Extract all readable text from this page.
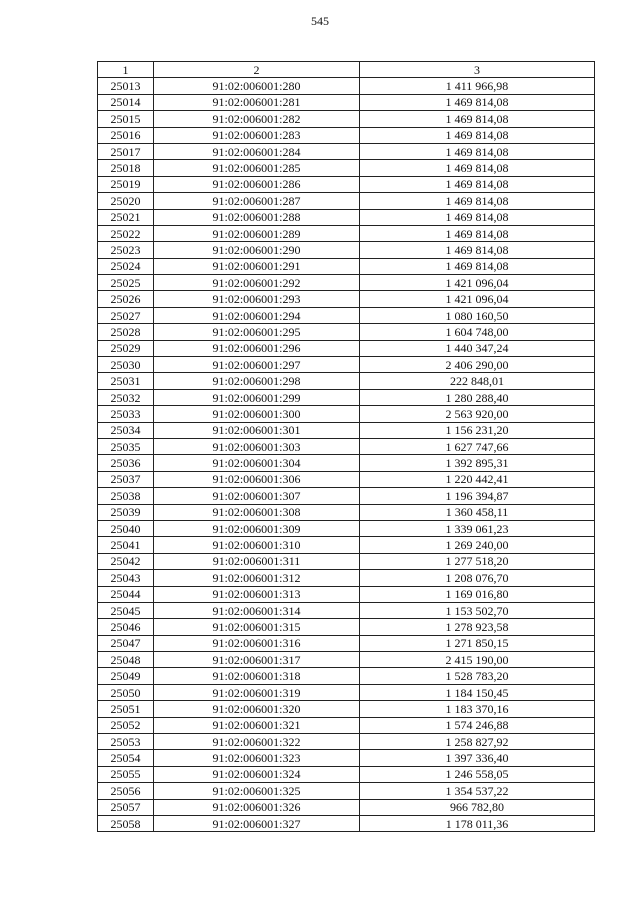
545
1	2	3
25013	91:02:006001:280	1 411 966,98
25014	91:02:006001:281	1 469 814,08
25015	91:02:006001:282	1 469 814,08
25016	91:02:006001:283	1 469 814,08
25017	91:02:006001:284	1 469 814,08
25018	91:02:006001:285	1 469 814,08
25019	91:02:006001:286	1 469 814,08
25020	91:02:006001:287	1 469 814,08
25021	91:02:006001:288	1 469 814,08
25022	91:02:006001:289	1 469 814,08
25023	91:02:006001:290	1 469 814,08
25024	91:02:006001:291	1 469 814,08
25025	91:02:006001:292	1 421 096,04
25026	91:02:006001:293	1 421 096,04
25027	91:02:006001:294	1 080 160,50
25028	91:02:006001:295	1 604 748,00
25029	91:02:006001:296	1 440 347,24
25030	91:02:006001:297	2 406 290,00
25031	91:02:006001:298	222 848,01
25032	91:02:006001:299	1 280 288,40
25033	91:02:006001:300	2 563 920,00
25034	91:02:006001:301	1 156 231,20
25035	91:02:006001:303	1 627 747,66
25036	91:02:006001:304	1 392 895,31
25037	91:02:006001:306	1 220 442,41
25038	91:02:006001:307	1 196 394,87
25039	91:02:006001:308	1 360 458,11
25040	91:02:006001:309	1 339 061,23
25041	91:02:006001:310	1 269 240,00
25042	91:02:006001:311	1 277 518,20
25043	91:02:006001:312	1 208 076,70
25044	91:02:006001:313	1 169 016,80
25045	91:02:006001:314	1 153 502,70
25046	91:02:006001:315	1 278 923,58
25047	91:02:006001:316	1 271 850,15
25048	91:02:006001:317	2 415 190,00
25049	91:02:006001:318	1 528 783,20
25050	91:02:006001:319	1 184 150,45
25051	91:02:006001:320	1 183 370,16
25052	91:02:006001:321	1 574 246,88
25053	91:02:006001:322	1 258 827,92
25054	91:02:006001:323	1 397 336,40
25055	91:02:006001:324	1 246 558,05
25056	91:02:006001:325	1 354 537,22
25057	91:02:006001:326	966 782,80
25058	91:02:006001:327	1 178 011,36
